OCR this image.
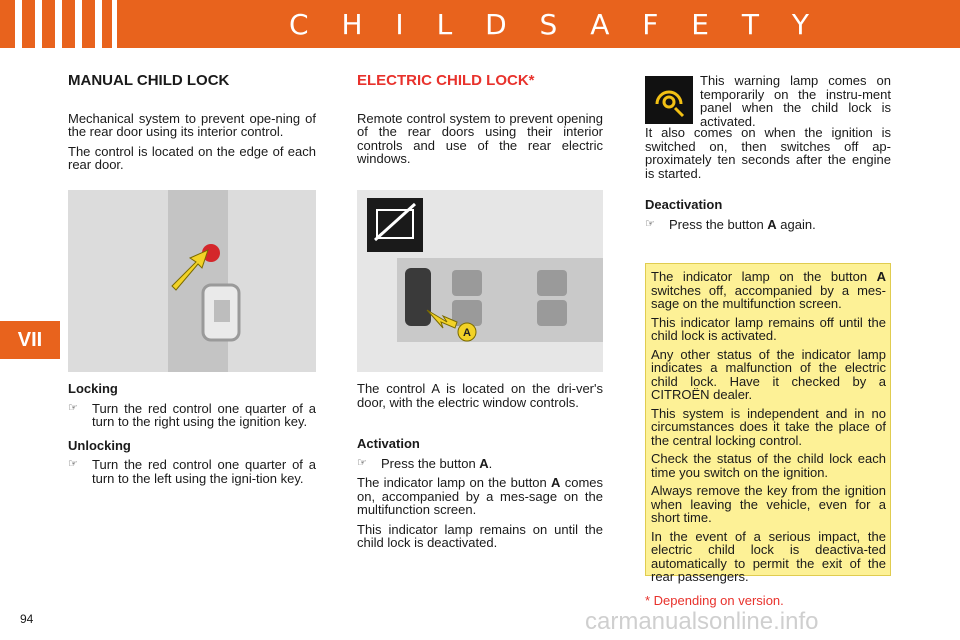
C H I L D S A F E T Y
VII
MANUAL CHILD LOCK

Mechanical system to prevent ope-ning of the rear door using its interior control.

The control is located on the edge of each rear door.

Locking
☞	Turn the red control one quarter of a turn to the right using the ignition key.
Unlocking
☞	Turn the red control one quarter of a turn to the left using the igni-tion key.
ELECTRIC CHILD LOCK*

Remote control system to prevent opening of the rear doors using their interior controls and use of the rear electric windows.

A

The control A is located on the dri-ver's door, with the electric window controls.

Activation
☞	Press the button A.

The indicator lamp on the button A comes on, accompanied by a mes-sage on the multifunction screen.

This indicator lamp remains on until the child lock is deactivated.

This warning lamp comes on temporarily on the instru-ment panel when the child lock is activated.

It also comes on when the ignition is switched on, then switches off ap-proximately ten seconds after the engine is started.

Deactivation
☞	Press the button A again.

The indicator lamp on the button A switches off, accompanied by a mes-sage on the multifunction screen.

This indicator lamp remains off until the child lock is activated.

Any other status of the indicator lamp indicates a malfunction of the electric child lock. Have it checked by a CITROËN dealer.

This system is independent and in no circumstances does it take the place of the central locking control.

Check the status of the child lock each time you switch on the ignition.

Always remove the key from the ignition when leaving the vehicle, even for a short time.

In the event of a serious impact, the electric child lock is deactiva-ted automatically to permit the exit of the rear passengers.

* Depending on version.
94	carmanualsonline.info
